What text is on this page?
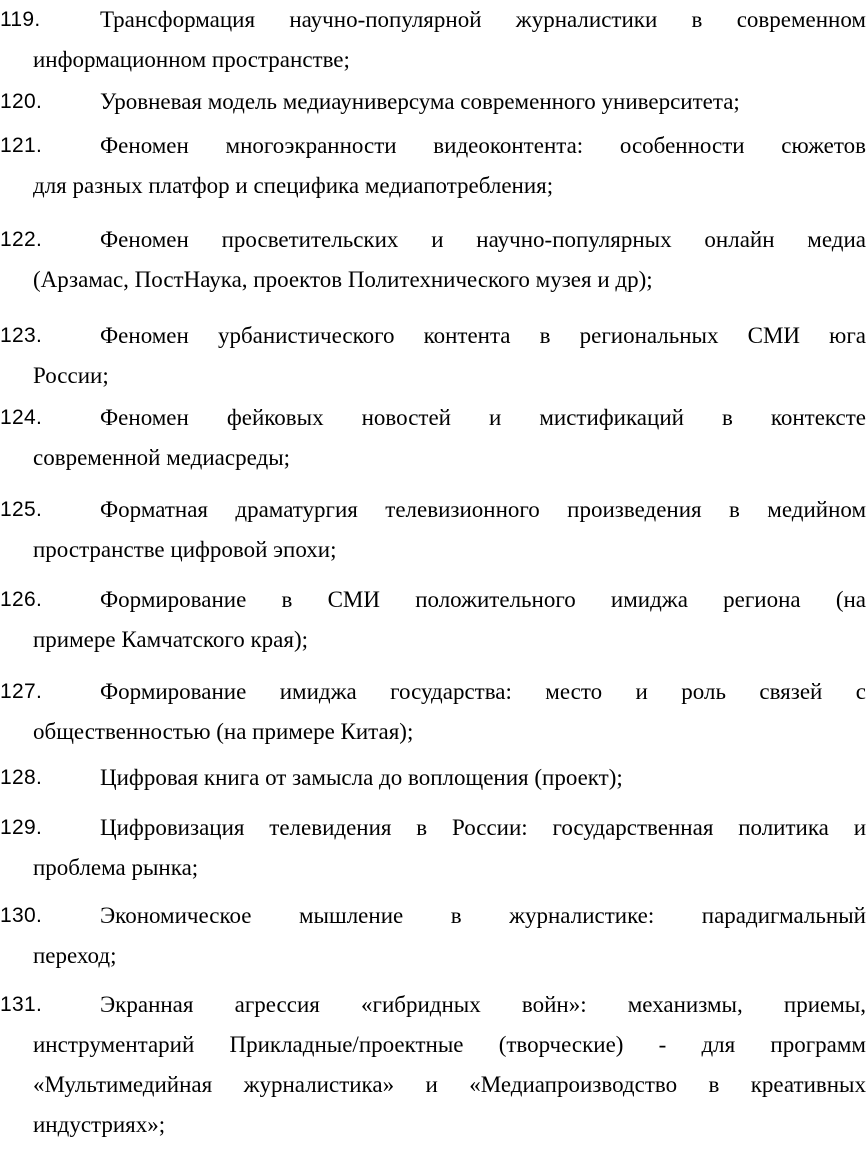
119.	Трансформация научно-популярной журналистики в современном
информационном пространстве;
120.	Уровневая модель медиауниверсума современного университета;
121.	Феномен многоэкранности видеоконтента: особенности сюжетов
для разных платфор и специфика медиапотребления;
122.	Феномен просветительских и научно-популярных онлайн медиа
(Арзамас, ПостНаука, проектов Политехнического музея и др);
123.	Феномен урбанистического контента в региональных СМИ юга
России;
124.	Феномен фейковых новостей и мистификаций в контексте
современной медиасреды;
125.	Форматная драматургия телевизионного произведения в медийном
пространстве цифровой эпохи;
126.	Формирование в СМИ положительного имиджа региона (на
примере Камчатского края);
127.	Формирование имиджа государства: место и роль связей с
общественностью (на примере Китая);
128.	Цифровая книга от замысла до воплощения (проект);
129.	Цифровизация телевидения в России: государственная политика и
проблема рынка;
130.	Экономическое мышление в журналистике: парадигмальный
переход;
131.	Экранная агрессия «гибридных войн»: механизмы, приемы,
инструментарий Прикладные/проектные (творческие) - для программ
«Мультимедийная журналистика» и «Медиапроизводство в креативных
индустриях»;
